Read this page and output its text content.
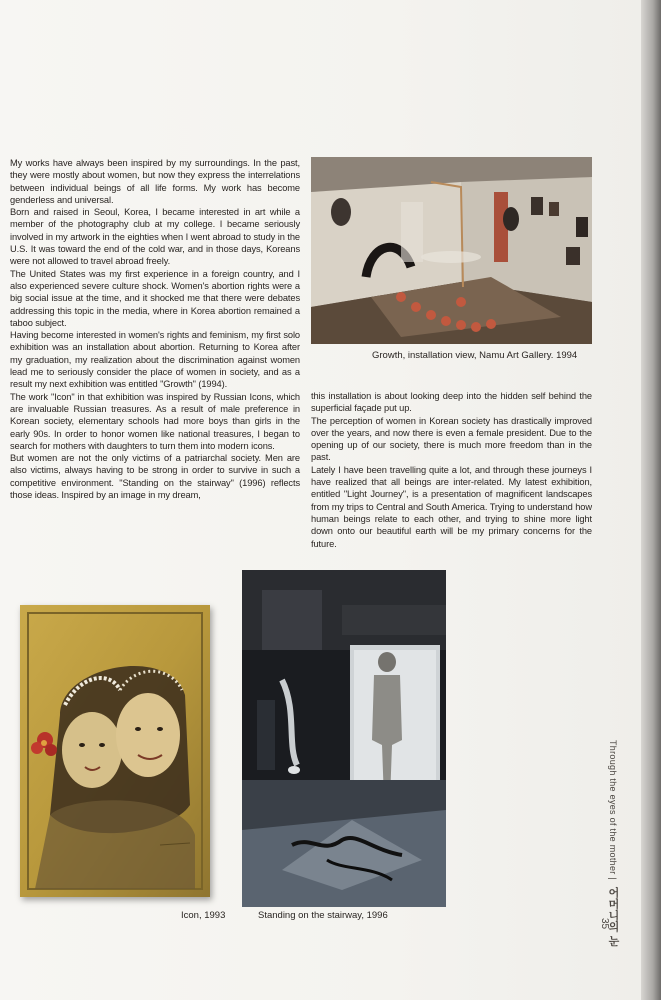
My works have always been inspired by my surroundings. In the past, they were mostly about women, but now they express the interrelations between individual beings of all life forms. My work has become genderless and universal.

Born and raised in Seoul, Korea, I became interested in art while a member of the photography club at my college. I became seriously involved in my artwork in the eighties when I went abroad to study in the U.S. It was toward the end of the cold war, and in those days, Koreans were not allowed to travel abroad freely.

The United States was my first experience in a foreign country, and I also experienced severe culture shock. Women's abortion rights were a big social issue at the time, and it shocked me that there were debates addressing this topic in the media, where in Korea abortion remained a taboo subject.

Having become interested in women's rights and feminism, my first solo exhibition was an installation about abortion. Returning to Korea after my graduation, my realization about the discrimination against women lead me to seriously consider the place of women in society, and as a result my next exhibition was entitled "Growth" (1994).

The work "Icon" in that exhibition was inspired by Russian Icons, which are invaluable Russian treasures. As a result of male preference in Korean society, elementary schools had more boys than girls in the early 90s. In order to honor women like national treasures, I began to search for mothers with daughters to turn them into modern icons.

But women are not the only victims of a patriarchal society. Men are also victims, always having to be strong in order to survive in such a competitive environment. "Standing on the stairway" (1996) reflects those ideas. Inspired by an image in my dream,

Growth, installation view, Namu Art Gallery. 1994

this installation is about looking deep into the hidden self behind the superficial façade put up.

The perception of women in Korean society has drastically improved over the years, and now there is even a female president. Due to the opening up of our society, there is much more freedom than in the past.

Lately I have been travelling quite a lot, and through these journeys I have realized that all beings are inter-related. My latest exhibition, entitled "Light Journey", is a presentation of magnificent landscapes from my trips to Central and South America. Trying to understand how human beings relate to each other, and trying to shine more light down onto our beautiful earth will be my primary concerns for the future.

Icon, 1993	Standing on the stairway, 1996
Through the eyes of the mother | 어머니의 눈
35
